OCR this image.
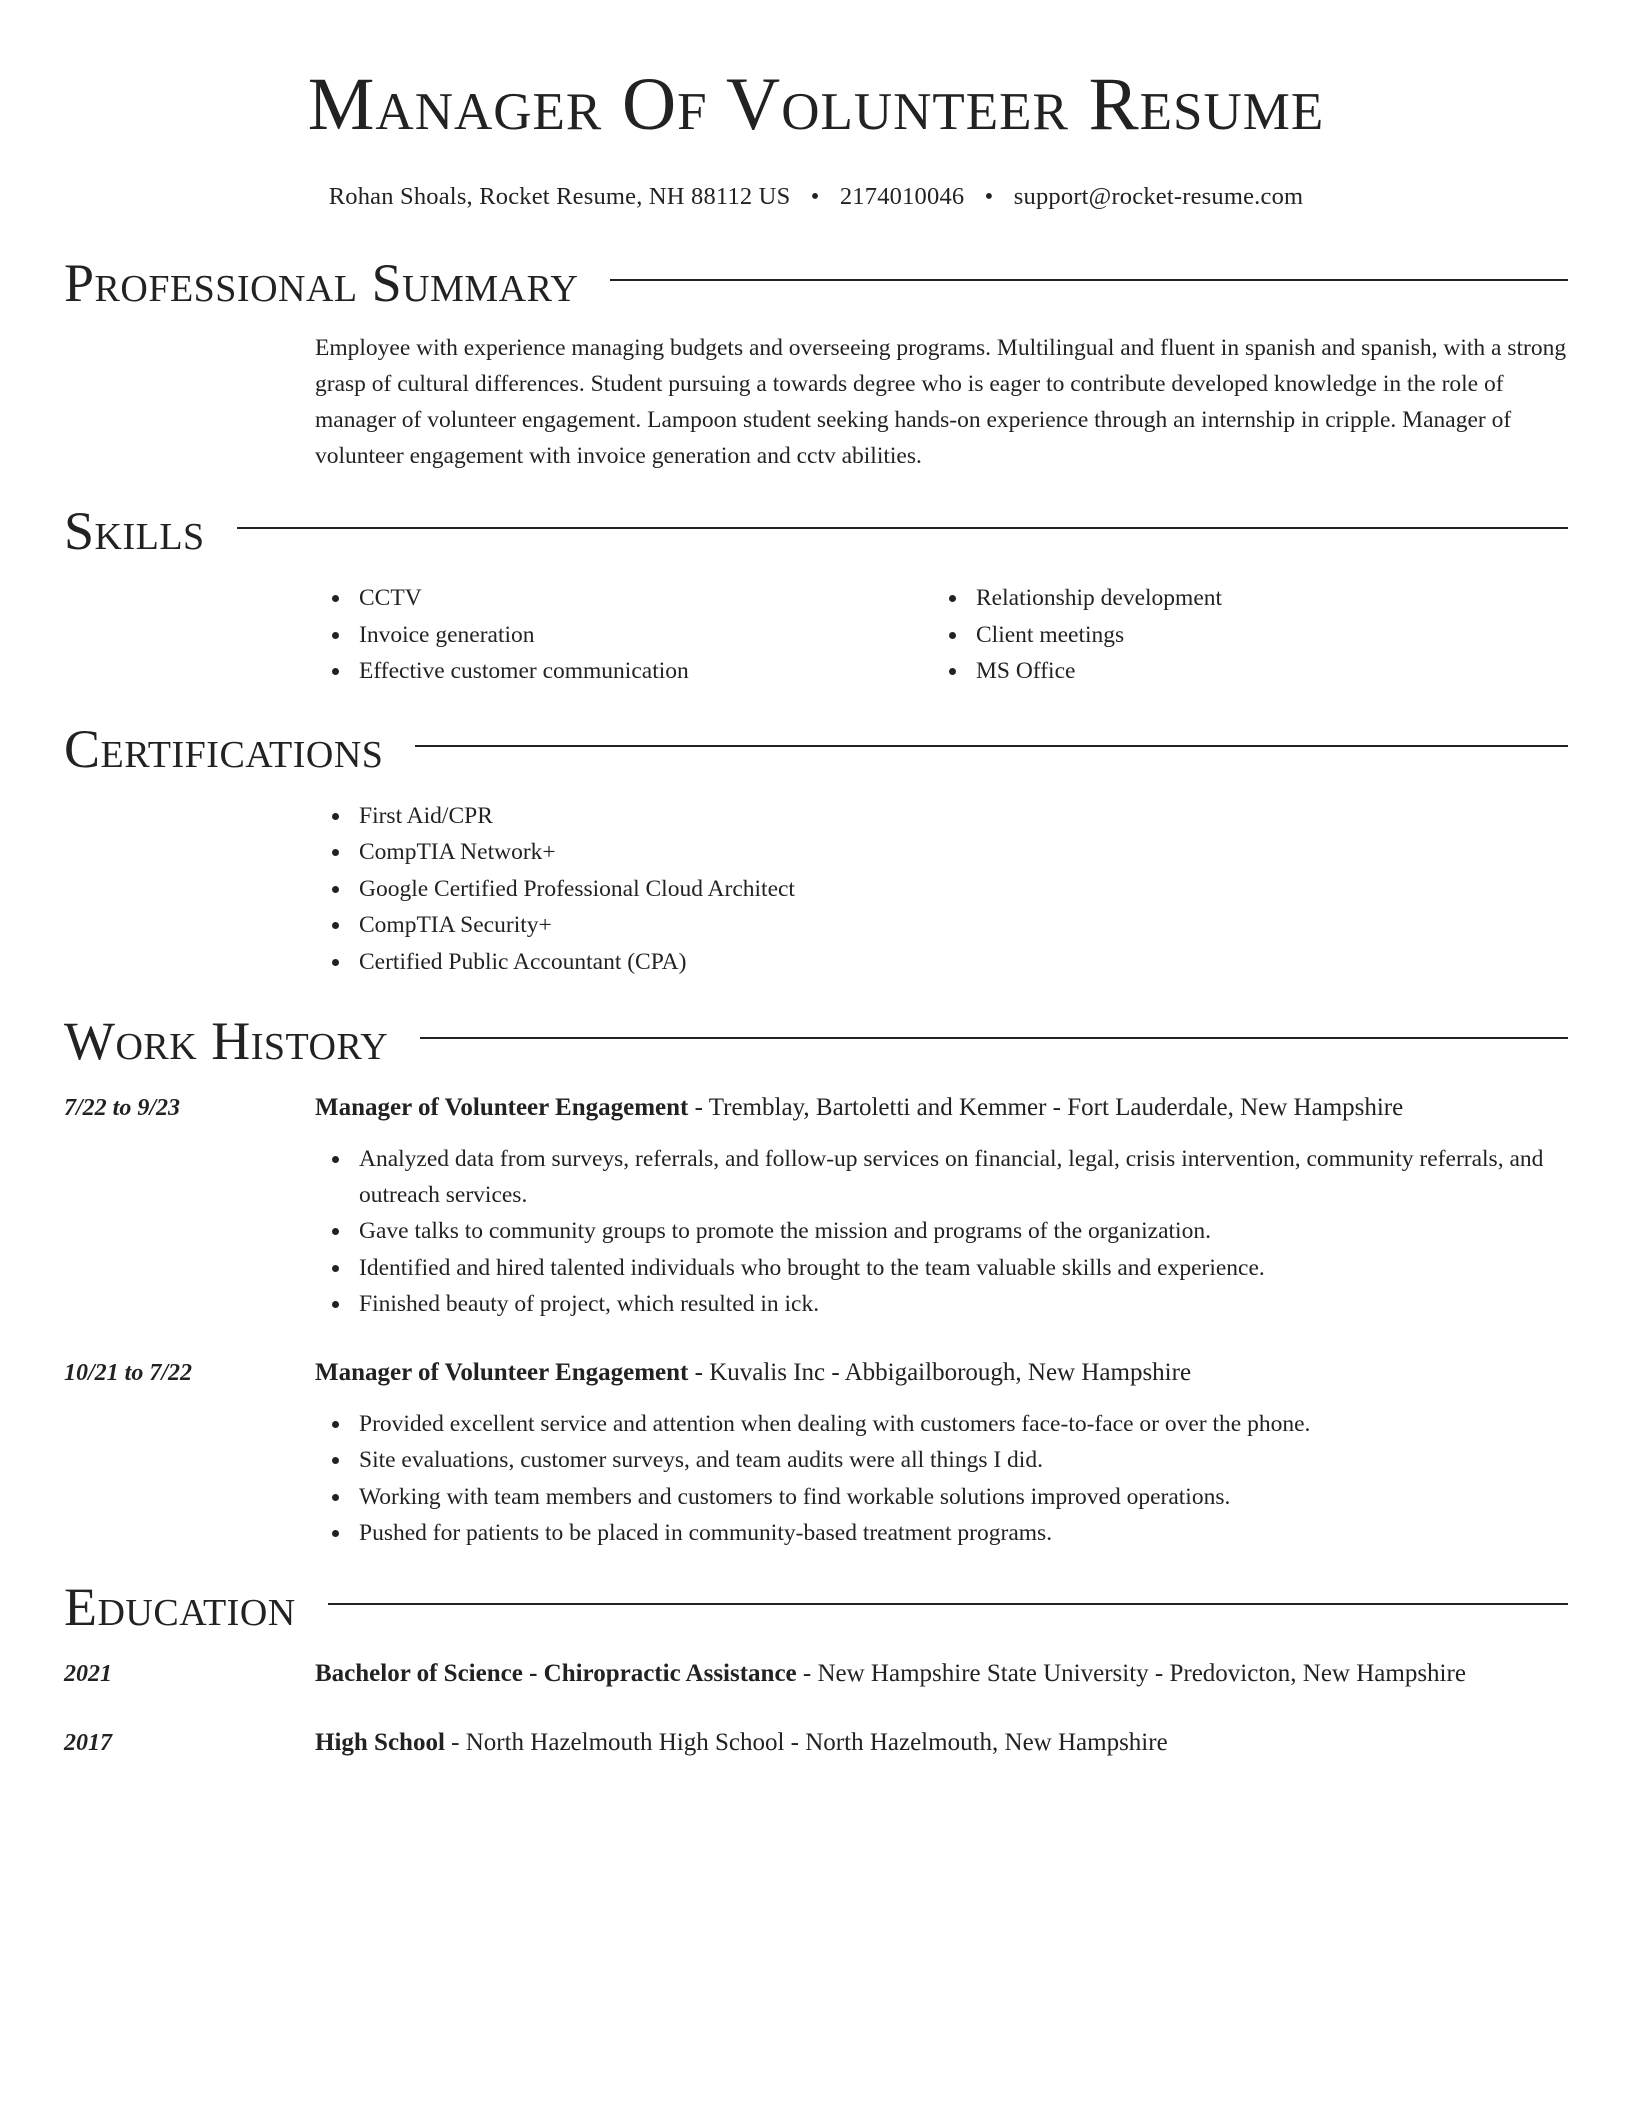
Manager Of Volunteer Resume
Rohan Shoals, Rocket Resume, NH 88112 US • 2174010046 • support@rocket-resume.com
Professional Summary

Employee with experience managing budgets and overseeing programs. Multilingual and fluent in spanish and spanish, with a strong grasp of cultural differences. Student pursuing a towards degree who is eager to contribute developed knowledge in the role of manager of volunteer engagement. Lampoon student seeking hands-on experience through an internship in cripple. Manager of volunteer engagement with invoice generation and cctv abilities.

Skills
CCTV
Invoice generation
Effective customer communication
Relationship development
Client meetings
MS Office
Certifications
First Aid/CPR
CompTIA Network+
Google Certified Professional Cloud Architect
CompTIA Security+
Certified Public Accountant (CPA)
Work History
7/22 to 9/23	Manager of Volunteer Engagement - Tremblay, Bartoletti and Kemmer - Fort Lauderdale, New Hampshire
Analyzed data from surveys, referrals, and follow-up services on financial, legal, crisis intervention, community referrals, and outreach services.
Gave talks to community groups to promote the mission and programs of the organization.
Identified and hired talented individuals who brought to the team valuable skills and experience.
Finished beauty of project, which resulted in ick.
10/21 to 7/22	Manager of Volunteer Engagement - Kuvalis Inc - Abbigailborough, New Hampshire
Provided excellent service and attention when dealing with customers face-to-face or over the phone.
Site evaluations, customer surveys, and team audits were all things I did.
Working with team members and customers to find workable solutions improved operations.
Pushed for patients to be placed in community-based treatment programs.
Education
2021	Bachelor of Science - Chiropractic Assistance - New Hampshire State University - Predovicton, New Hampshire
2017	High School - North Hazelmouth High School - North Hazelmouth, New Hampshire
